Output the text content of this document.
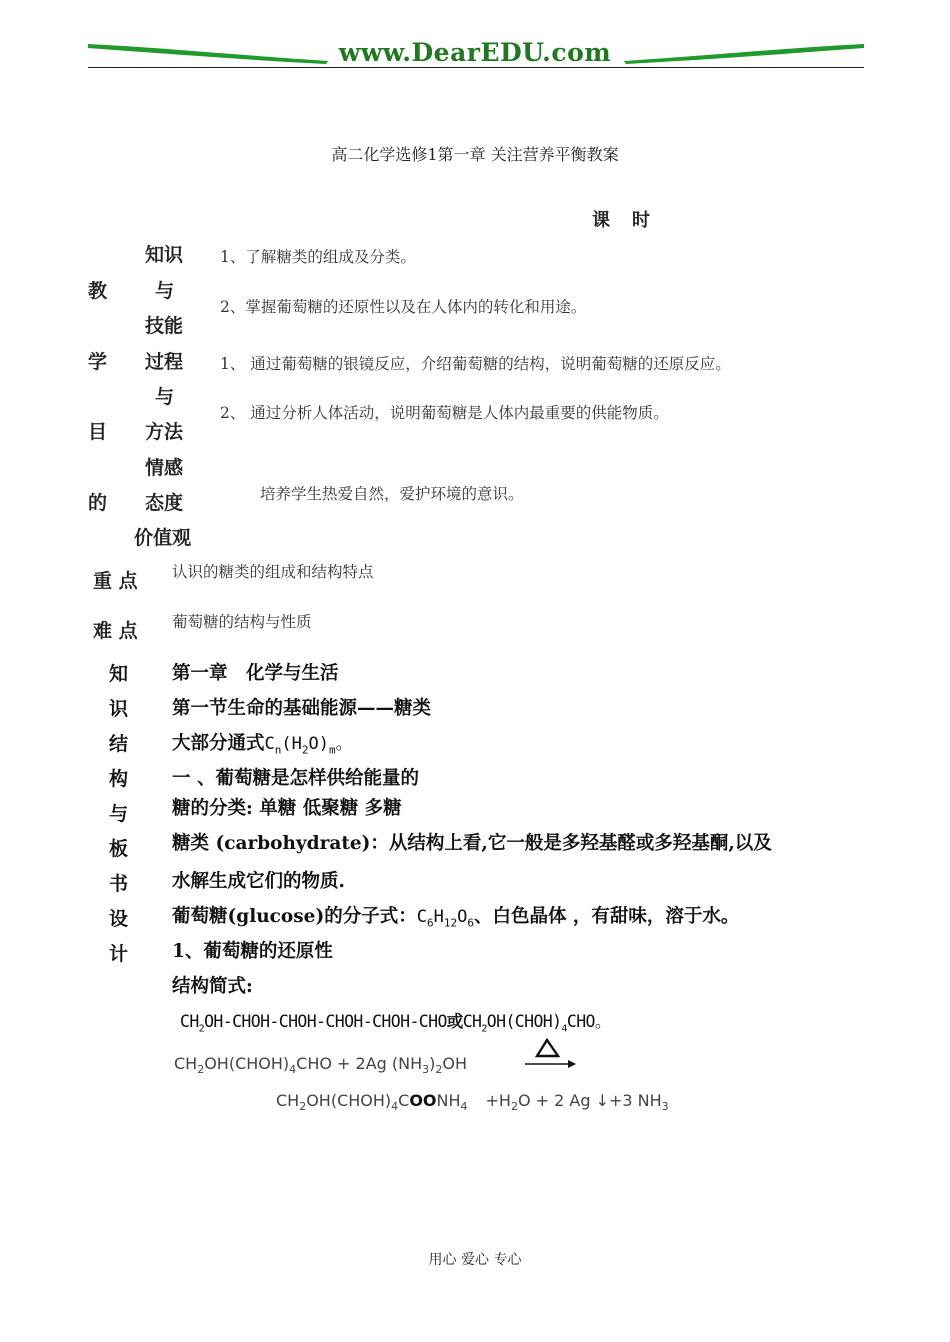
www.DearEDU.com
高二化学选修1第一章 关注营养平衡教案
课时
教
学
目
的
知识
与
技能
1、了解糖类的组成及分类。
2、掌握葡萄糖的还原性以及在人体内的转化和用途。
过程
与
方法
1、 通过葡萄糖的银镜反应，介绍葡萄糖的结构，说明葡萄糖的还原反应。
2、 通过分析人体活动，说明葡萄糖是人体内最重要的供能物质。
情感
态度
价值观
培养学生热爱自然，爱护环境的意识。
重 点 认识的糖类的组成和结构特点
难 点 葡萄糖的结构与性质
知
识
结
构
与
板
书
设
计
第一章　化学与生活
第一节生命的基础能源——糖类
大部分通式$C_n(H_2O)_m$。
一 、葡萄糖是怎样供给能量的
糖的分类: 单糖 低聚糖 多糖
糖类 (carbohydrate)：从结构上看,它一般是多羟基醛或多羟基酮,以及
水解生成它们的物质.
葡萄糖(glucose)的分子式：$C_6H_{12}O_6$、白色晶体 ，有甜味，溶于水。
1、葡萄糖的还原性
结构简式:
$CH_2OH-CHOH-CHOH-CHOH-CHOH$-CHO或$CH_2OH(CHOH)_4CHO$。
$CH_2OH(CHOH)_4CHO + 2Ag$ $(NH_3)_2OH$
$CH_2OH(CHOH)_4COONH_4 +H_2O + 2$ Ag ↓+3 $NH_3$
用心 爱心 专心
